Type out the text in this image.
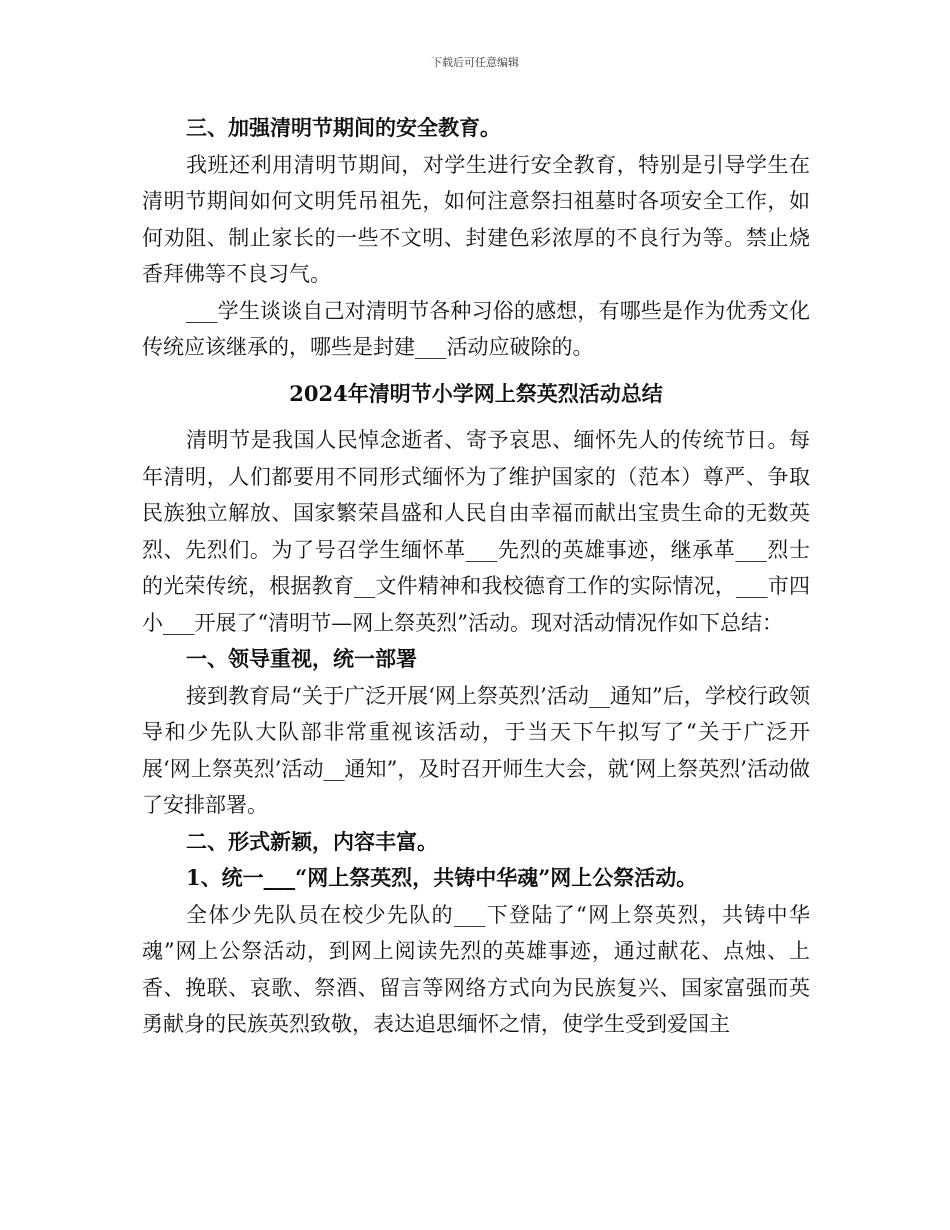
下载后可任意编辑

三、加强清明节期间的安全教育。

我班还利用清明节期间，对学生进行安全教育，特别是引导学生在清明节期间如何文明凭吊祖先，如何注意祭扫祖墓时各项安全工作，如何劝阻、制止家长的一些不文明、封建色彩浓厚的不良行为等。禁止烧香拜佛等不良习气。

___学生谈谈自己对清明节各种习俗的感想，有哪些是作为优秀文化传统应该继承的，哪些是封建___活动应破除的。

2024年清明节小学网上祭英烈活动总结

清明节是我国人民悼念逝者、寄予哀思、缅怀先人的传统节日。每年清明，人们都要用不同形式缅怀为了维护国家的（范本）尊严、争取民族独立解放、国家繁荣昌盛和人民自由幸福而献出宝贵生命的无数英烈、先烈们。为了号召学生缅怀革___先烈的英雄事迹，继承革___烈士的光荣传统，根据教育__文件精神和我校德育工作的实际情况，___市四小___开展了“清明节—网上祭英烈”活动。现对活动情况作如下总结：

一、领导重视，统一部署

接到教育局“关于广泛开展‘网上祭英烈’活动__通知”后，学校行政领导和少先队大队部非常重视该活动，于当天下午拟写了“关于广泛开展‘网上祭英烈’活动__通知”，及时召开师生大会，就‘网上祭英烈’活动做了安排部署。

二、形式新颖，内容丰富。

1、统一___“网上祭英烈，共铸中华魂”网上公祭活动。

全体少先队员在校少先队的___下登陆了“网上祭英烈，共铸中华魂”网上公祭活动，到网上阅读先烈的英雄事迹，通过献花、点烛、上香、挽联、哀歌、祭酒、留言等网络方式向为民族复兴、国家富强而英勇献身的民族英烈致敬，表达追思缅怀之情，使学生受到爱国主
